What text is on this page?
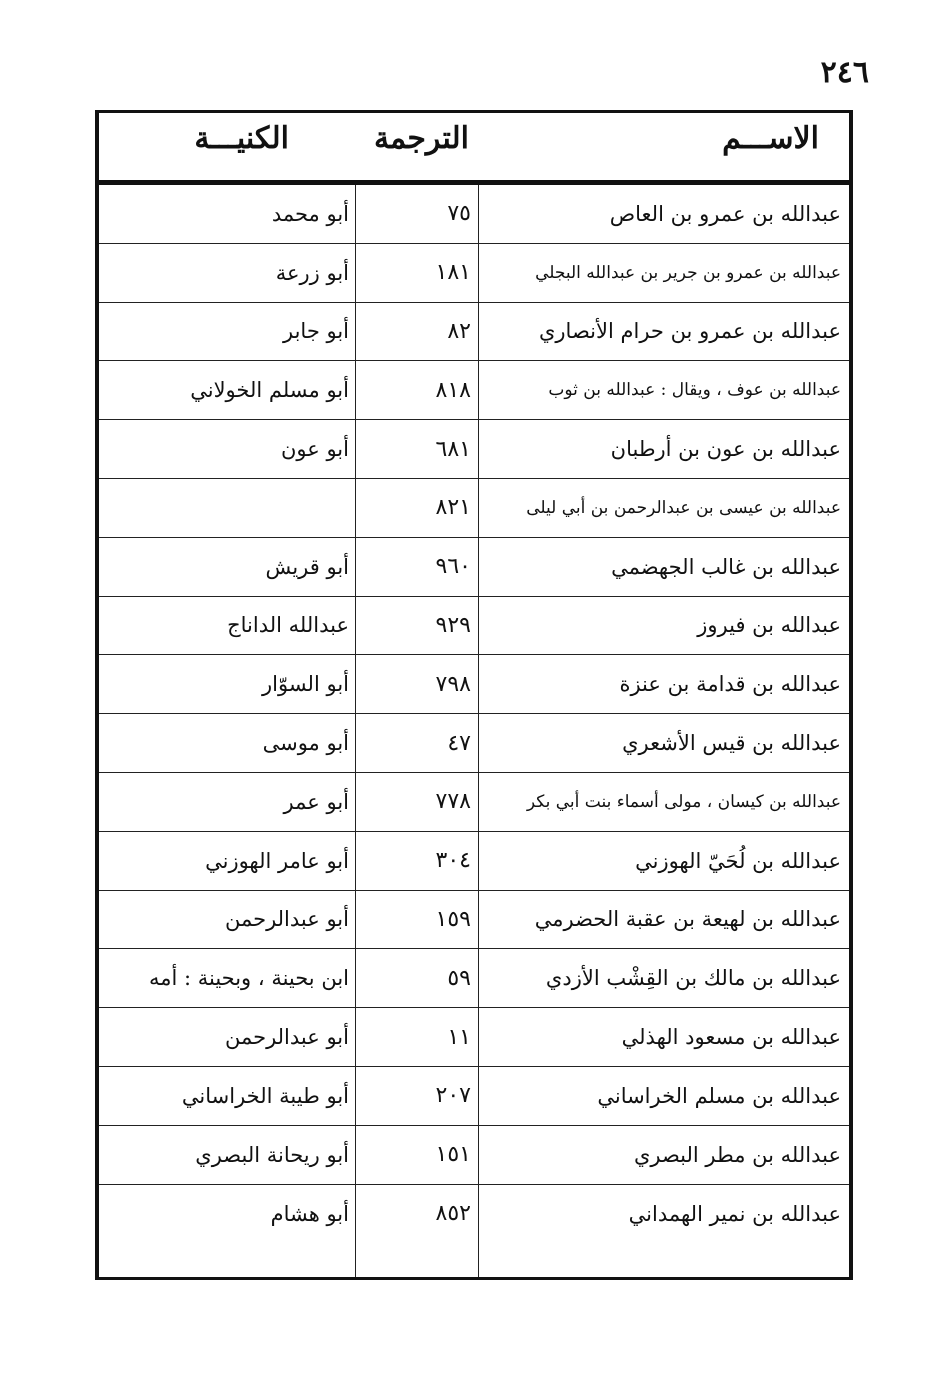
٢٤٦
الاســـم
الترجمة
الكنيـــة
عبدالله بن عمرو بن العاص
٧٥
أبو محمد
عبدالله بن عمرو بن جرير بن عبدالله البجلي
١٨١
أبو زرعة
عبدالله بن عمرو بن حرام الأنصاري
٨٢
أبو جابر
عبدالله بن عوف ، ويقال : عبدالله بن ثوب
٨١٨
أبو مسلم الخولاني
عبدالله بن عون بن أرطبان
٦٨١
أبو عون
عبدالله بن عيسى بن عبدالرحمن بن أبي ليلى
٨٢١
عبدالله بن غالب الجهضمي
٩٦٠
أبو قريش
عبدالله بن فيروز
٩٢٩
عبدالله الداناج
عبدالله بن قدامة بن عنزة
٧٩٨
أبو السوّار
عبدالله بن قيس الأشعري
٤٧
أبو موسى
عبدالله بن كيسان ، مولى أسماء بنت أبي بكر
٧٧٨
أبو عمر
عبدالله بن لُحَيّ الهوزني
٣٠٤
أبو عامر الهوزني
عبدالله بن لهيعة بن عقبة الحضرمي
١٥٩
أبو عبدالرحمن
عبدالله بن مالك بن القِشْب الأزدي
٥٩
ابن بحينة ، وبحينة : أمه
عبدالله بن مسعود الهذلي
١١
أبو عبدالرحمن
عبدالله بن مسلم الخراساني
٢٠٧
أبو طيبة الخراساني
عبدالله بن مطر البصري
١٥١
أبو ريحانة البصري
عبدالله بن نمير الهمداني
٨٥٢
أبو هشام
